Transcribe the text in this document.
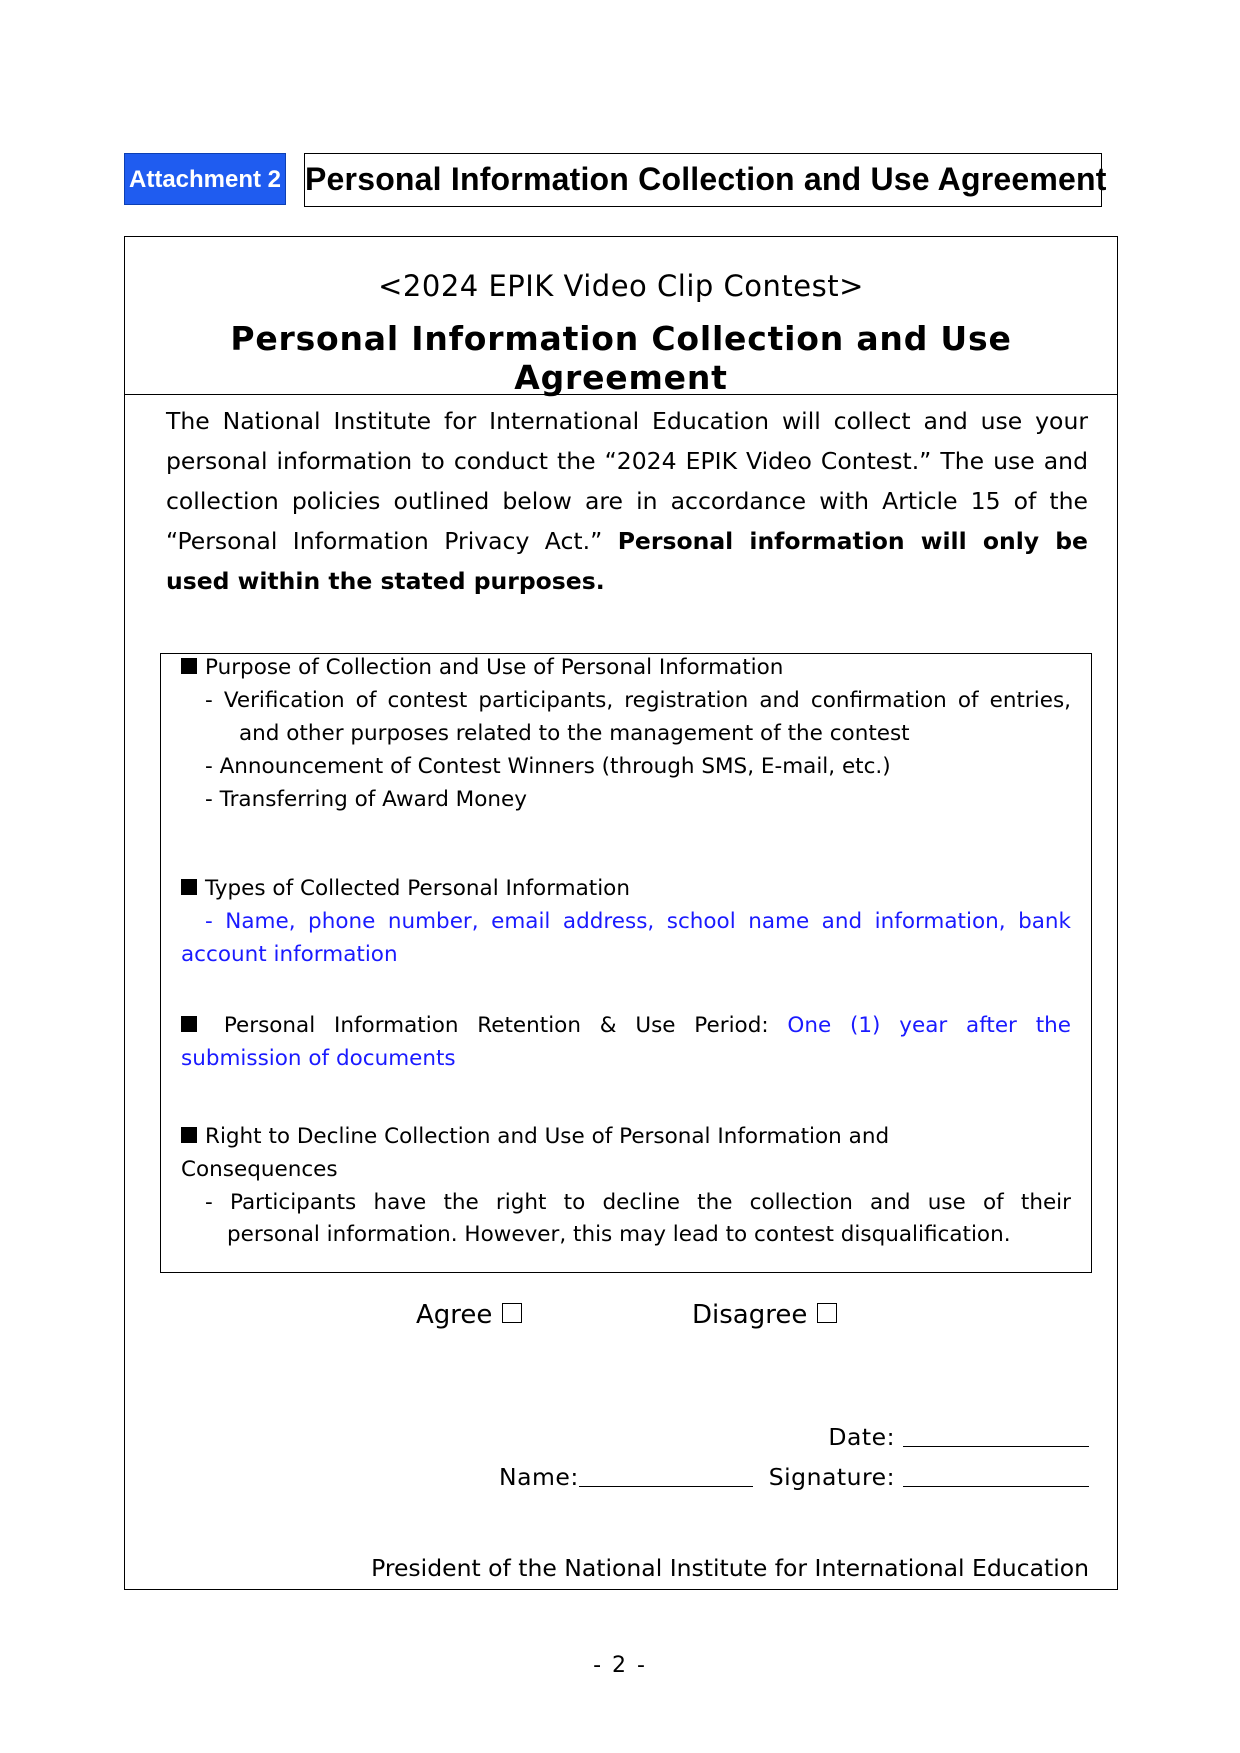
Attachment 2 Personal Information Collection and Use Agreement
<2024 EPIK Video Clip Contest>
Personal Information Collection and Use Agreement
The National Institute for International Education will collect and use your personal information to conduct the “2024 EPIK Video Contest.” The use and collection policies outlined below are in accordance with Article 15 of the “Personal Information Privacy Act.” Personal information will only be used within the stated purposes.
Purpose of Collection and Use of Personal Information
- Verification of contest participants, registration and confirmation of entries,
and other purposes related to the management of the contest
- Announcement of Contest Winners (through SMS, E-mail, etc.)
- Transferring of Award Money
Types of Collected Personal Information
- Name, phone number, email address, school name and information, bank
account information
Personal Information Retention & Use Period: One (1) year after the
submission of documents
Right to Decline Collection and Use of Personal Information and
Consequences
- Participants have the right to decline the collection and use of their
personal information. However, this may lead to contest disqualification.
Agree	Disagree
Date:
Name:	Signature:
President of the National Institute for International Education
- 2 -
